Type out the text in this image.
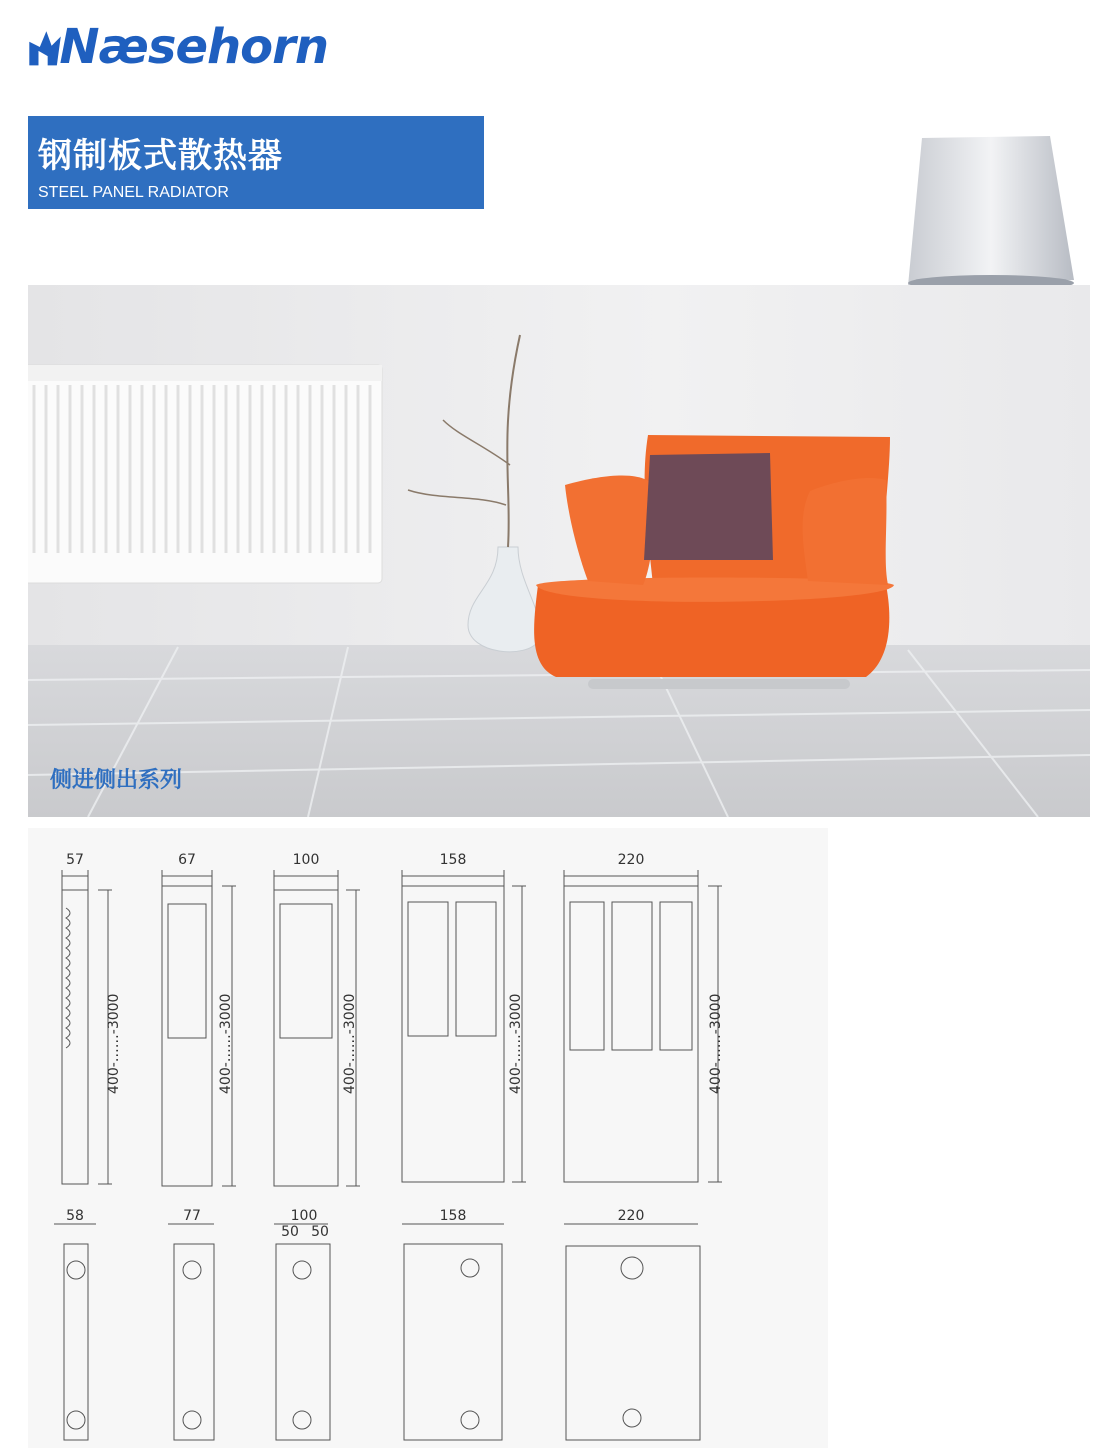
Næsehorn
钢制板式散热器
STEEL PANEL RADIATOR
侧进侧出系列
57	67	100	158	220
400-……-3000	400-……-3000	400-……-3000	400-……-3000	400-……-3000
58	77	100
50 50
158	220
